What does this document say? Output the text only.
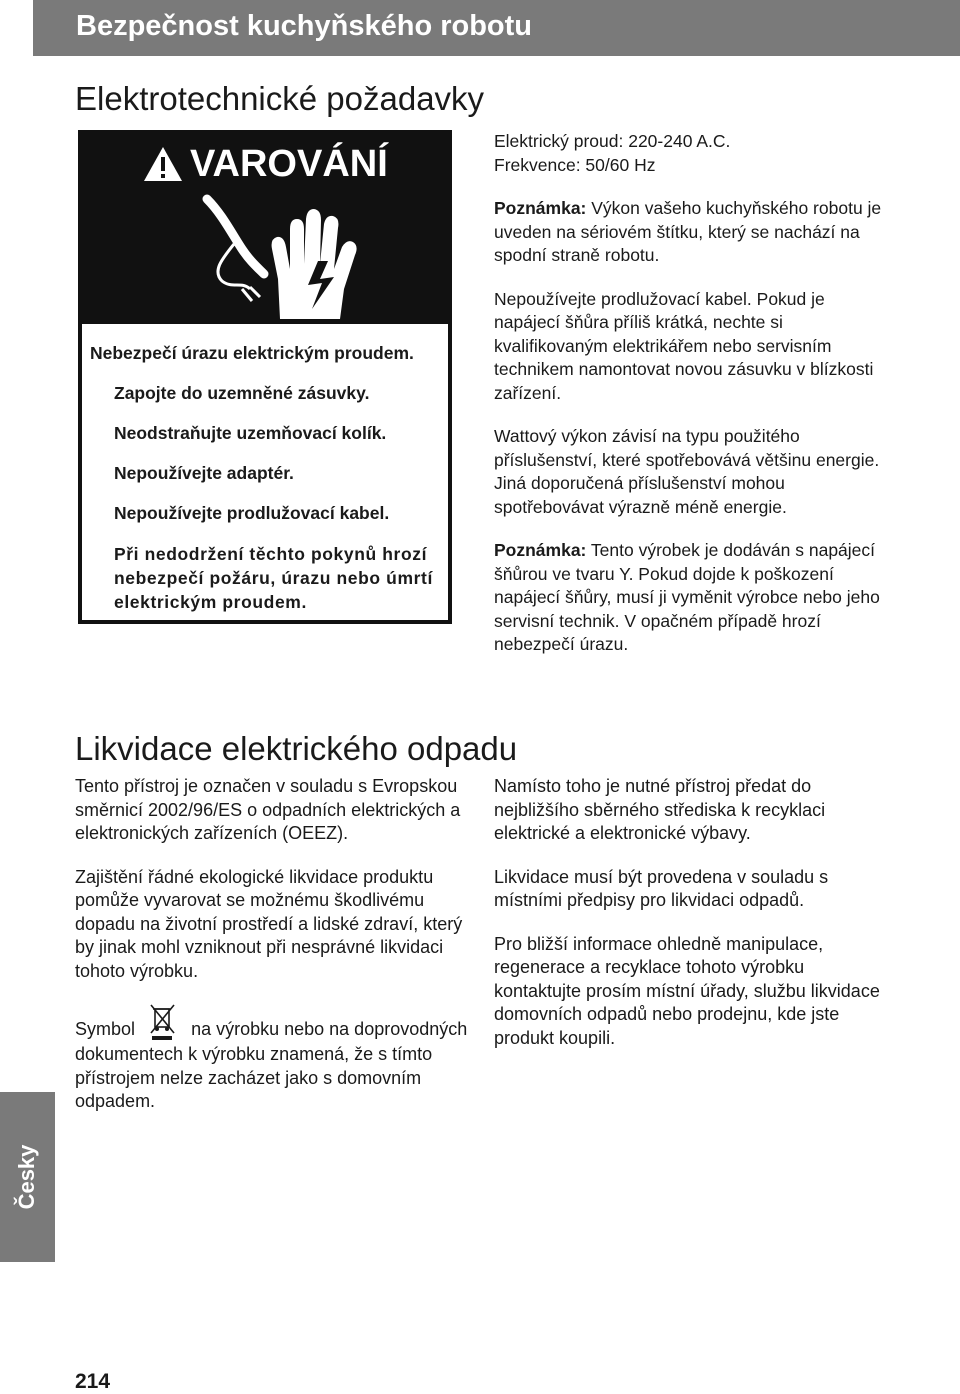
Bezpečnost kuchyňského robotu
Elektrotechnické požadavky
VAROVÁNÍ
Nebezpečí úrazu elektrickým proudem.
Zapojte do uzemněné zásuvky.
Neodstraňujte uzemňovací kolík.
Nepoužívejte adaptér.
Nepoužívejte prodlužovací kabel.
Při nedodržení těchto pokynů hrozí nebezpečí požáru, úrazu nebo úmrtí elektrickým proudem.

Elektrický proud: 220-240 A.C.
Frekvence: 50/60 Hz

Poznámka: Výkon vašeho kuchyňského robotu je uveden na sériovém štítku, který se nachází na spodní straně robotu.

Nepoužívejte prodlužovací kabel. Pokud je napájecí šňůra příliš krátká, nechte si kvalifikovaným elektrikářem nebo servisním technikem namontovat novou zásuvku v blízkosti zařízení.

Wattový výkon závisí na typu použitého příslušenství, které spotřebovává většinu energie. Jiná doporučená příslušenství mohou spotřebovávat výrazně méně energie.

Poznámka: Tento výrobek je dodáván s napájecí šňůrou ve tvaru Y. Pokud dojde k poškození napájecí šňůry, musí ji vyměnit výrobce nebo jeho servisní technik. V opačném případě hrozí nebezpečí úrazu.

Likvidace elektrického odpadu

Tento přístroj je označen v souladu s Evropskou směrnicí 2002/96/ES o odpadních elektrických a elektronických zařízeních (OEEZ).

Zajištění řádné ekologické likvidace produktu pomůže vyvarovat se možnému škodlivému dopadu na životní prostředí a lidské zdraví, který by jinak mohl vzniknout při nesprávné likvidaci tohoto výrobku.

Symbol	na výrobku nebo na doprovodných dokumentech k výrobku znamená, že s tímto přístrojem nelze zacházet jako s domovním odpadem.

Namísto toho je nutné přístroj předat do nejbližšího sběrného střediska k recyklaci elektrické a elektronické výbavy.

Likvidace musí být provedena v souladu s místními předpisy pro likvidaci odpadů.

Pro bližší informace ohledně manipulace, regenerace a recyklace tohoto výrobku kontaktujte prosím místní úřady, službu likvidace domovních odpadů nebo prodejnu, kde jste produkt koupili.

Česky
214
